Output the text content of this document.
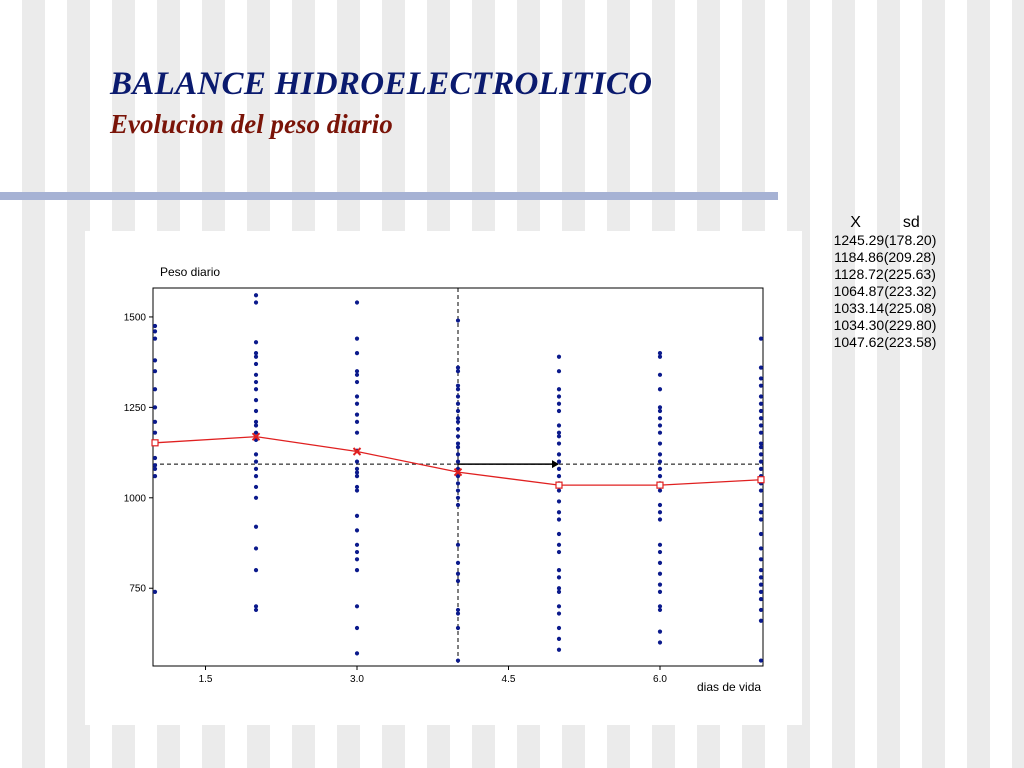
BALANCE HIDROELECTROLITICO
Evolucion del peso diario
X	sd
1245.29(178.20)
1184.86(209.28)
1128.72(225.63)
1064.87(223.32)
1033.14(225.08)
1034.30(229.80)
1047.62(223.58)
Peso diario
750
1000
1250
1500
1.5	3.0	4.5	6.0
dias de vida
